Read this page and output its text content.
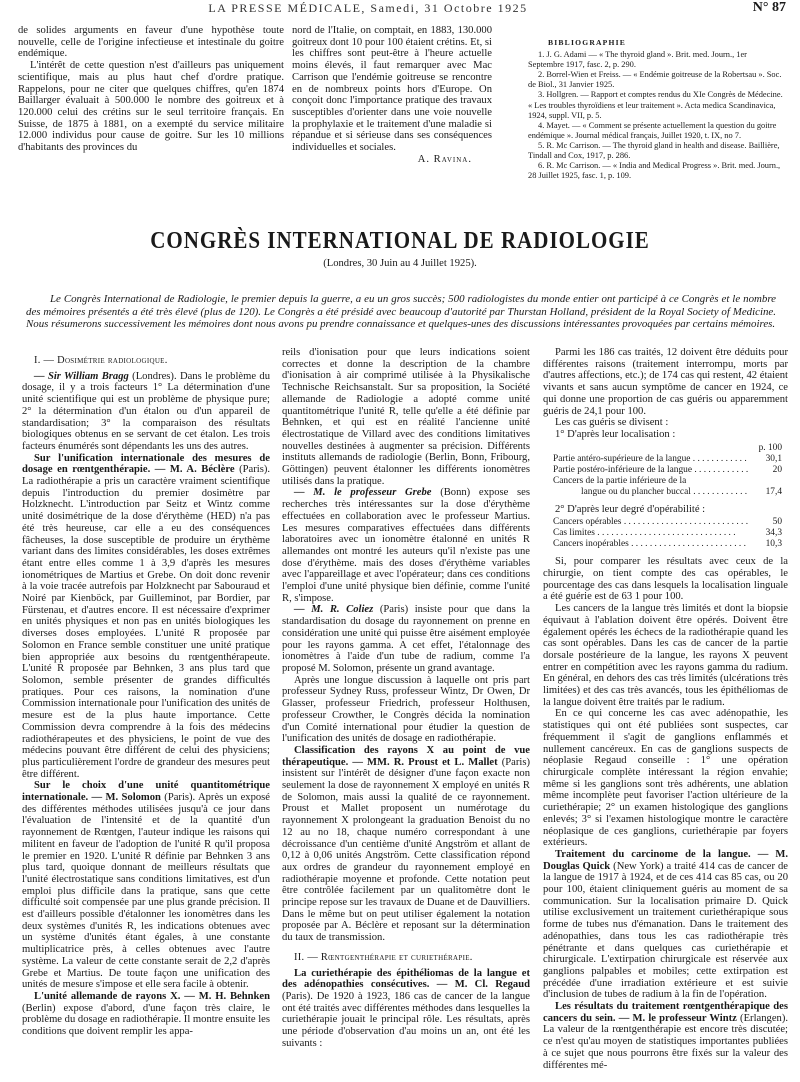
LA PRESSE MÉDICALE, Samedi, 31 Octobre 1925	N° 87

de solides arguments en faveur d'une hypothèse toute nouvelle, celle de l'origine infectieuse et intestinale du goitre endémique.

L'intérêt de cette question n'est d'ailleurs pas uniquement scientifique, mais au plus haut chef d'ordre pratique. Rappelons, pour ne citer que quelques chiffres, qu'en 1874 Baillarger évaluait à 500.000 le nombre des goitreux et à 120.000 celui des crétins sur le seul territoire français. En Suisse, de 1875 à 1881, on a exempté du service militaire 12.000 individus pour cause de goitre. Sur les 10 millions d'habitants des provinces du

nord de l'Italie, on comptait, en 1883, 130.000 goitreux dont 10 pour 100 étaient crétins. Et, si les chiffres sont peut-être à l'heure actuelle moins élevés, il faut remarquer avec Mac Carrison que l'endémie goitreuse se rencontre en de nombreux points hors d'Europe. On conçoit donc l'importance pratique des travaux susceptibles d'orienter dans une voie nouvelle la prophylaxie et le traitement d'une maladie si répandue et si sérieuse dans ses conséquences individuelles et sociales.

A. Ravina.

BIBLIOGRAPHIE

1. J. G. Adami — « The thyroid gland ». Brit. med. Journ., 1er Septembre 1917, fasc. 2, p. 290.

2. Borrel-Wien et Freiss. — « Endémie goitreuse de la Robertsau ». Soc. de Biol., 31 Janvier 1925.

3. Hollgren. — Rapport et comptes rendus du XIe Congrès de Médecine. « Les troubles thyroïdiens et leur traitement ». Acta medica Scandinavica, 1924, suppl. VII, p. 5.

4. Mayet. — « Comment se présente actuellement la question du goitre endémique ». Journal médical français, Juillet 1920, t. IX, no 7.

5. R. Mc Carrison. — The thyroid gland in health and disease. Baillière, Tindall and Cox, 1917, p. 286.

6. R. Mc Carrison. — « India and Medical Progress ». Brit. med. Journ., 28 Juillet 1925, fasc. 1, p. 109.

CONGRÈS INTERNATIONAL DE RADIOLOGIE
(Londres, 30 Juin au 4 Juillet 1925).
Le Congrès International de Radiologie, le premier depuis la guerre, a eu un gros succès; 500 radiologistes du monde entier ont participé à ce Congrès et le nombre des mémoires présentés a été très élevé (plus de 120). Le Congrès a été présidé avec beaucoup d'autorité par Thurstan Holland, président de la Royal Society of Medicine. Nous résumerons successivement les mémoires dont nous avons pu prendre connaissance et quelques-unes des discussions intéressantes provoquées par certains mémoires.

I. — Dosimétrie radiologique.

— Sir William Bragg (Londres). Dans le problème du dosage, il y a trois facteurs 1° La détermination d'une unité scientifique qui est un problème de physique pure; 2° la détermination d'un étalon ou d'un appareil de standardisation; 3° la comparaison des résultats biologiques obtenus en se servant de cet étalon. Les trois facteurs énumérés sont dépendants les uns des autres.

Sur l'unification internationale des mesures de dosage en rœntgenthérapie. — M. A. Béclère (Paris). La radiothérapie a pris un caractère vraiment scientifique depuis l'introduction du premier dosimètre par Holzknecht. L'introduction par Seitz et Wintz comme unité dosimétrique de la dose d'érythème (HED) n'a pas été très heureuse, car elle a eu des conséquences fâcheuses, la dose susceptible de produire un érythème variant dans des limites considérables, les doses extrêmes étant entre elles comme 1 à 3,9 d'après les mesures ionométriques de Martius et Grebe. On doit donc revenir à la voie tracée autrefois par Holzknecht par Sabouraud et Noiré par Kienböck, par Guilleminot, par Bordier, par Fürstenau, et d'autres encore. Il est nécessaire d'exprimer en unités physiques et non pas en unités biologiques les diverses doses employées. L'unité R proposée par Solomon en France semble constituer une unité pratique bien appropriée aux besoins du rœntgenthérapeute. L'unité R proposée par Behnken, 3 ans plus tard que Solomon, semble présenter de grandes difficultés pratiques. Pour ces raisons, la nomination d'une Commission internationale pour l'unification des unités de mesure est de la plus haute importance. Cette Commission devra comprendre à la fois des médecins radiothérapeutes et des physiciens, le point de vue des médecins pouvant être différent de celui des physiciens; plus particulièrement l'ordre de grandeur des mesures peut être différent.

Sur le choix d'une unité quantitométrique internationale. — M. Solomon (Paris). Après un exposé des différentes méthodes utilisées jusqu'à ce jour dans l'évaluation de l'intensité et de la quantité d'un rayonnement de Rœntgen, l'auteur indique les raisons qui militent en faveur de l'adoption de l'unité R qu'il proposa le premier en 1920. L'unité R définie par Behnken 3 ans plus tard, quoique donnant de meilleurs résultats que l'unité électrostatique sans conditions limitatives, est d'un emploi plus difficile dans la pratique, sans que cette difficulté soit compensée par une plus grande précision. Il est d'ailleurs possible d'étalonner les ionomètres dans les deux systèmes d'unités R, les indications obtenues avec un système d'unités étant égales, à une constante multiplicatrice près, à celles obtenues avec l'autre système. La valeur de cette constante serait de 2,2 d'après Grebe et Martius. De toute façon une unification des unités de mesure s'impose et elle sera facile à obtenir.

L'unité allemande de rayons X. — M. H. Behnken (Berlin) expose d'abord, d'une façon très claire, le problème du dosage en radiothérapie. Il montre ensuite les conditions que doivent remplir les appa-

reils d'ionisation pour que leurs indications soient correctes et donne la description de la chambre d'ionisation à air comprimé utilisée à la Physikalische Technische Reichsanstalt. Sur sa proposition, la Société allemande de Radiologie a adopté comme unité quantitométrique l'unité R, telle qu'elle a été définie par Behnken, et qui est en réalité l'ancienne unité électrostatique de Villard avec des conditions limitatives nouvelles destinées à augmenter sa précision. Différents instituts allemands de radiologie (Berlin, Bonn, Fribourg, Göttingen) peuvent étalonner les différents ionomètres utilisés dans la pratique.

— M. le professeur Grebe (Bonn) expose ses recherches très intéressantes sur la dose d'érythème effectuées en collaboration avec le professeur Martius. Les mesures comparatives effectuées dans différents laboratoires avec un ionomètre étalonné en unités R allemandes ont montré les auteurs qu'il n'existe pas une dose d'érythème. mais des doses d'érythème variables avec l'appareillage et avec l'opérateur; dans ces conditions l'emploi d'une unité physique bien définie, comme l'unité R, s'impose.

— M. R. Coliez (Paris) insiste pour que dans la standardisation du dosage du rayonnement on prenne en considération une unité qui puisse être aisément employée pour les rayons gamma. A cet effet, l'étalonnage des ionomètres à l'aide d'un tube de radium, comme l'a proposé M. Solomon, présente un grand avantage.

Après une longue discussion à laquelle ont pris part professeur Sydney Russ, professeur Wintz, Dr Owen, Dr Glasser, professeur Friedrich, professeur Holthusen, professeur Crowther, le Congrès décida la nomination d'un Comité international pour étudier la question de l'unification des unités de dosage en radiothérapie.

Classification des rayons X au point de vue thérapeutique. — MM. R. Proust et L. Mallet (Paris) insistent sur l'intérêt de désigner d'une façon exacte non seulement la dose de rayonnement X employé en unités R de Solomon, mais aussi la qualité de ce rayonnement. Proust et Mallet proposent un numérotage du rayonnement X prolongeant la graduation Benoist du no 12 au no 18, chaque numéro correspondant à une décroissance d'un centième d'unité Angström et allant de 0,12 à 0,06 unités Angström. Cette classification répond aux ordres de grandeur du rayonnement employé en radiothérapie moyenne et profonde. Cette notation peut être contrôlée facilement par un qualitomètre dont le principe repose sur les travaux de Duane et de Dauvilliers. Dans le même but on peut utiliser également la notation proposée par A. Béclère et reposant sur la détermination du taux de transmission.

II. — Rœntgenthérapie et curiethérapie.

La curiethérapie des épithéliomas de la langue et des adénopathies consécutives. — M. Cl. Regaud (Paris). De 1920 à 1923, 186 cas de cancer de la langue ont été traités avec différentes méthodes dans lesquelles la curiethérapie jouait le principal rôle. Les résultats, après une période d'observation d'au moins un an, ont été les suivants :

Parmi les 186 cas traités, 12 doivent être déduits pour différentes raisons (traitement interrompu, morts par d'autres affections, etc.); de 174 cas qui restent, 42 étaient vivants et sans aucun symptôme de cancer en 1924, ce qui donne une proportion de cas guéris ou apparemment guéris de 24,1 pour 100.

Les cas guéris se divisent :

1° D'après leur localisation :

p. 100
Partie antéro-supérieure de la langue . . .	30,1
Partie postéro-inférieure de la langue . . .	20
Cancers de la partie inférieure de la
langue ou du plancher buccal . . .	17,4

2° D'après leur degré d'opérabilité :

Cancers opérables . . .	50
Cas limites . . .	34,3
Cancers inopérables . . .	10,3

Si, pour comparer les résultats avec ceux de la chirurgie, on tient compte des cas opérables, le pourcentage des cas dans lesquels la localisation linguale a été guérie est de 63 1 pour 100.

Les cancers de la langue très limités et dont la biopsie équivaut à l'ablation doivent être opérés. Doivent être également opérés les échecs de la radiothérapie quand les cas sont opérables. Dans les cas de cancer de la partie dorsale postérieure de la langue, les rayons X peuvent entrer en compétition avec les rayons gamma du radium. En général, en dehors des cas très limités (ulcérations très limitées) et des cas très avancés, tous les épithéliomas de la langue doivent être traités par le radium.

En ce qui concerne les cas avec adénopathie, les statistiques qui ont été publiées sont suspectes, car fréquemment il s'agit de ganglions enflammés et nullement cancéreux. En cas de ganglions suspects de néoplasie Regaud conseille : 1° une opération chirurgicale complète intéressant la région envahie; même si les ganglions sont très adhérents, une ablation même incomplète peut favoriser l'action ultérieure de la curiethérapie; 2° un examen histologique des ganglions enlevés; 3° si l'examen histologique montre le caractère néoplasique de ces ganglions, curiethérapie par foyers extérieurs.

Traitement du carcinome de la langue. — M. Douglas Quick (New York) a traité 414 cas de cancer de la langue de 1917 à 1924, et de ces 414 cas 85 cas, ou 20 pour 100, étaient cliniquement guéris au moment de sa communication. Sur la localisation primaire D. Quick utilise exclusivement un traitement curiethérapique sous forme de tubes nus d'émanation. Dans le traitement des adénopathies, dans tous les cas radiothérapie très pénétrante et dans quelques cas curiethérapie et chirurgicale. L'extirpation chirurgicale est réservée aux ganglions palpables et mobiles; cette extirpation est précédée d'une irradiation extérieure et est suivie d'inclusion de tubes de radium à la fin de l'opération.

Les résultats du traitement rœntgenthérapique des cancers du sein. — M. le professeur Wintz (Erlangen). La valeur de la rœntgenthérapie est encore très discutée; ce n'est qu'au moyen de statistiques importantes publiées à ce sujet que nous pourrons être fixés sur la valeur des différentes mé-
